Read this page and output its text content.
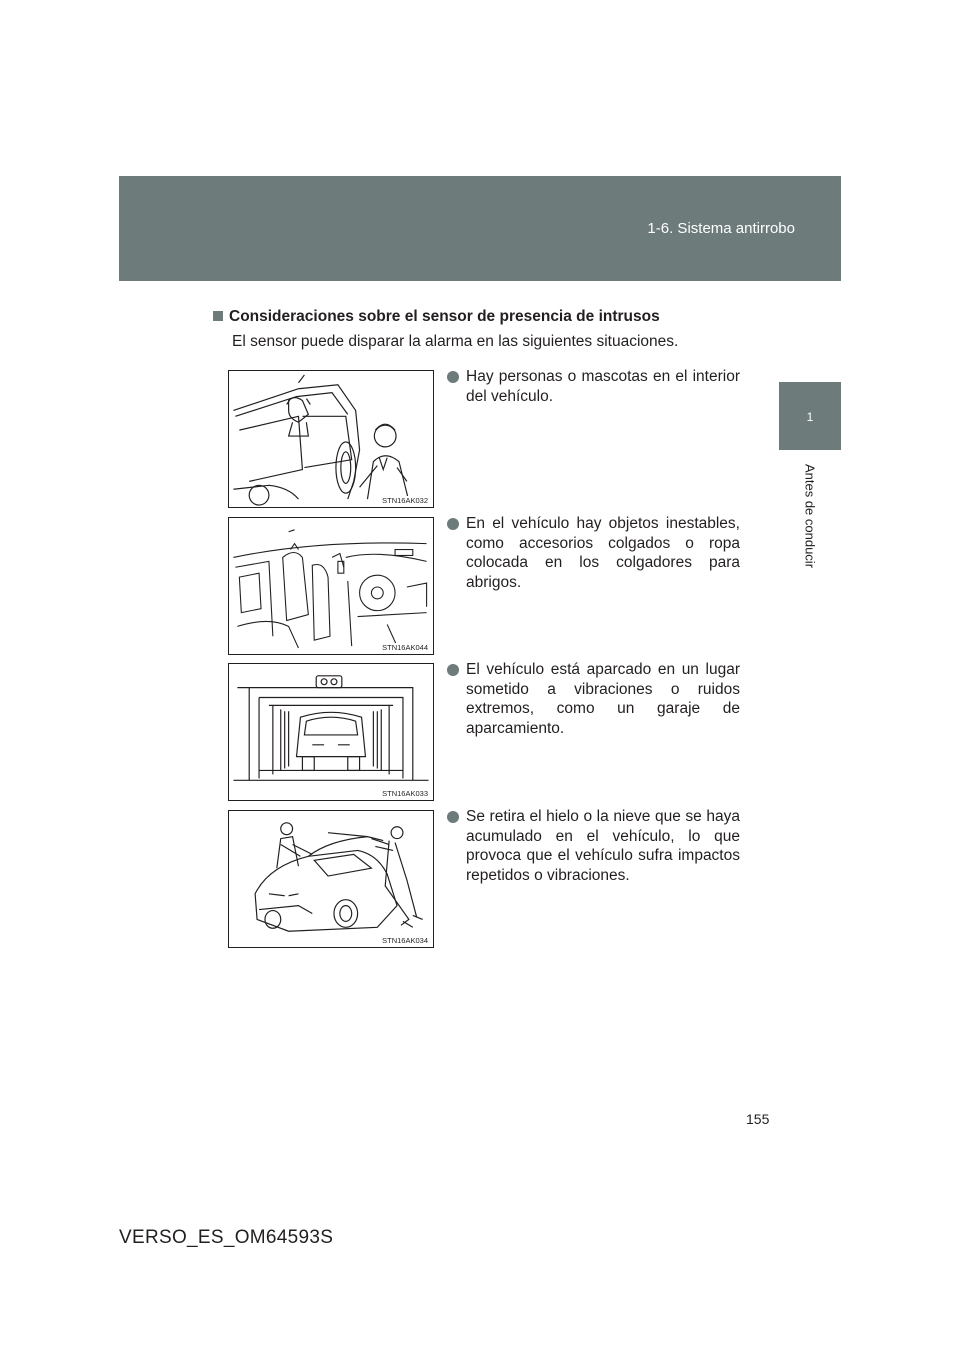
1-6. Sistema antirrobo
1
Antes de conducir
Consideraciones sobre el sensor de presencia de intrusos
El sensor puede disparar la alarma en las siguientes situaciones.
STN16AK032
Hay personas o mascotas en el interior del vehículo.
STN16AK044
En el vehículo hay objetos inestables, como accesorios colgados o ropa colocada en los colgadores para abrigos.
STN16AK033
El vehículo está aparcado en un lugar sometido a vibraciones o ruidos extremos, como un garaje de aparcamiento.
STN16AK034
Se retira el hielo o la nieve que se haya acumulado en el vehículo, lo que provoca que el vehículo sufra impactos repetidos o vibraciones.
155
VERSO_ES_OM64593S
